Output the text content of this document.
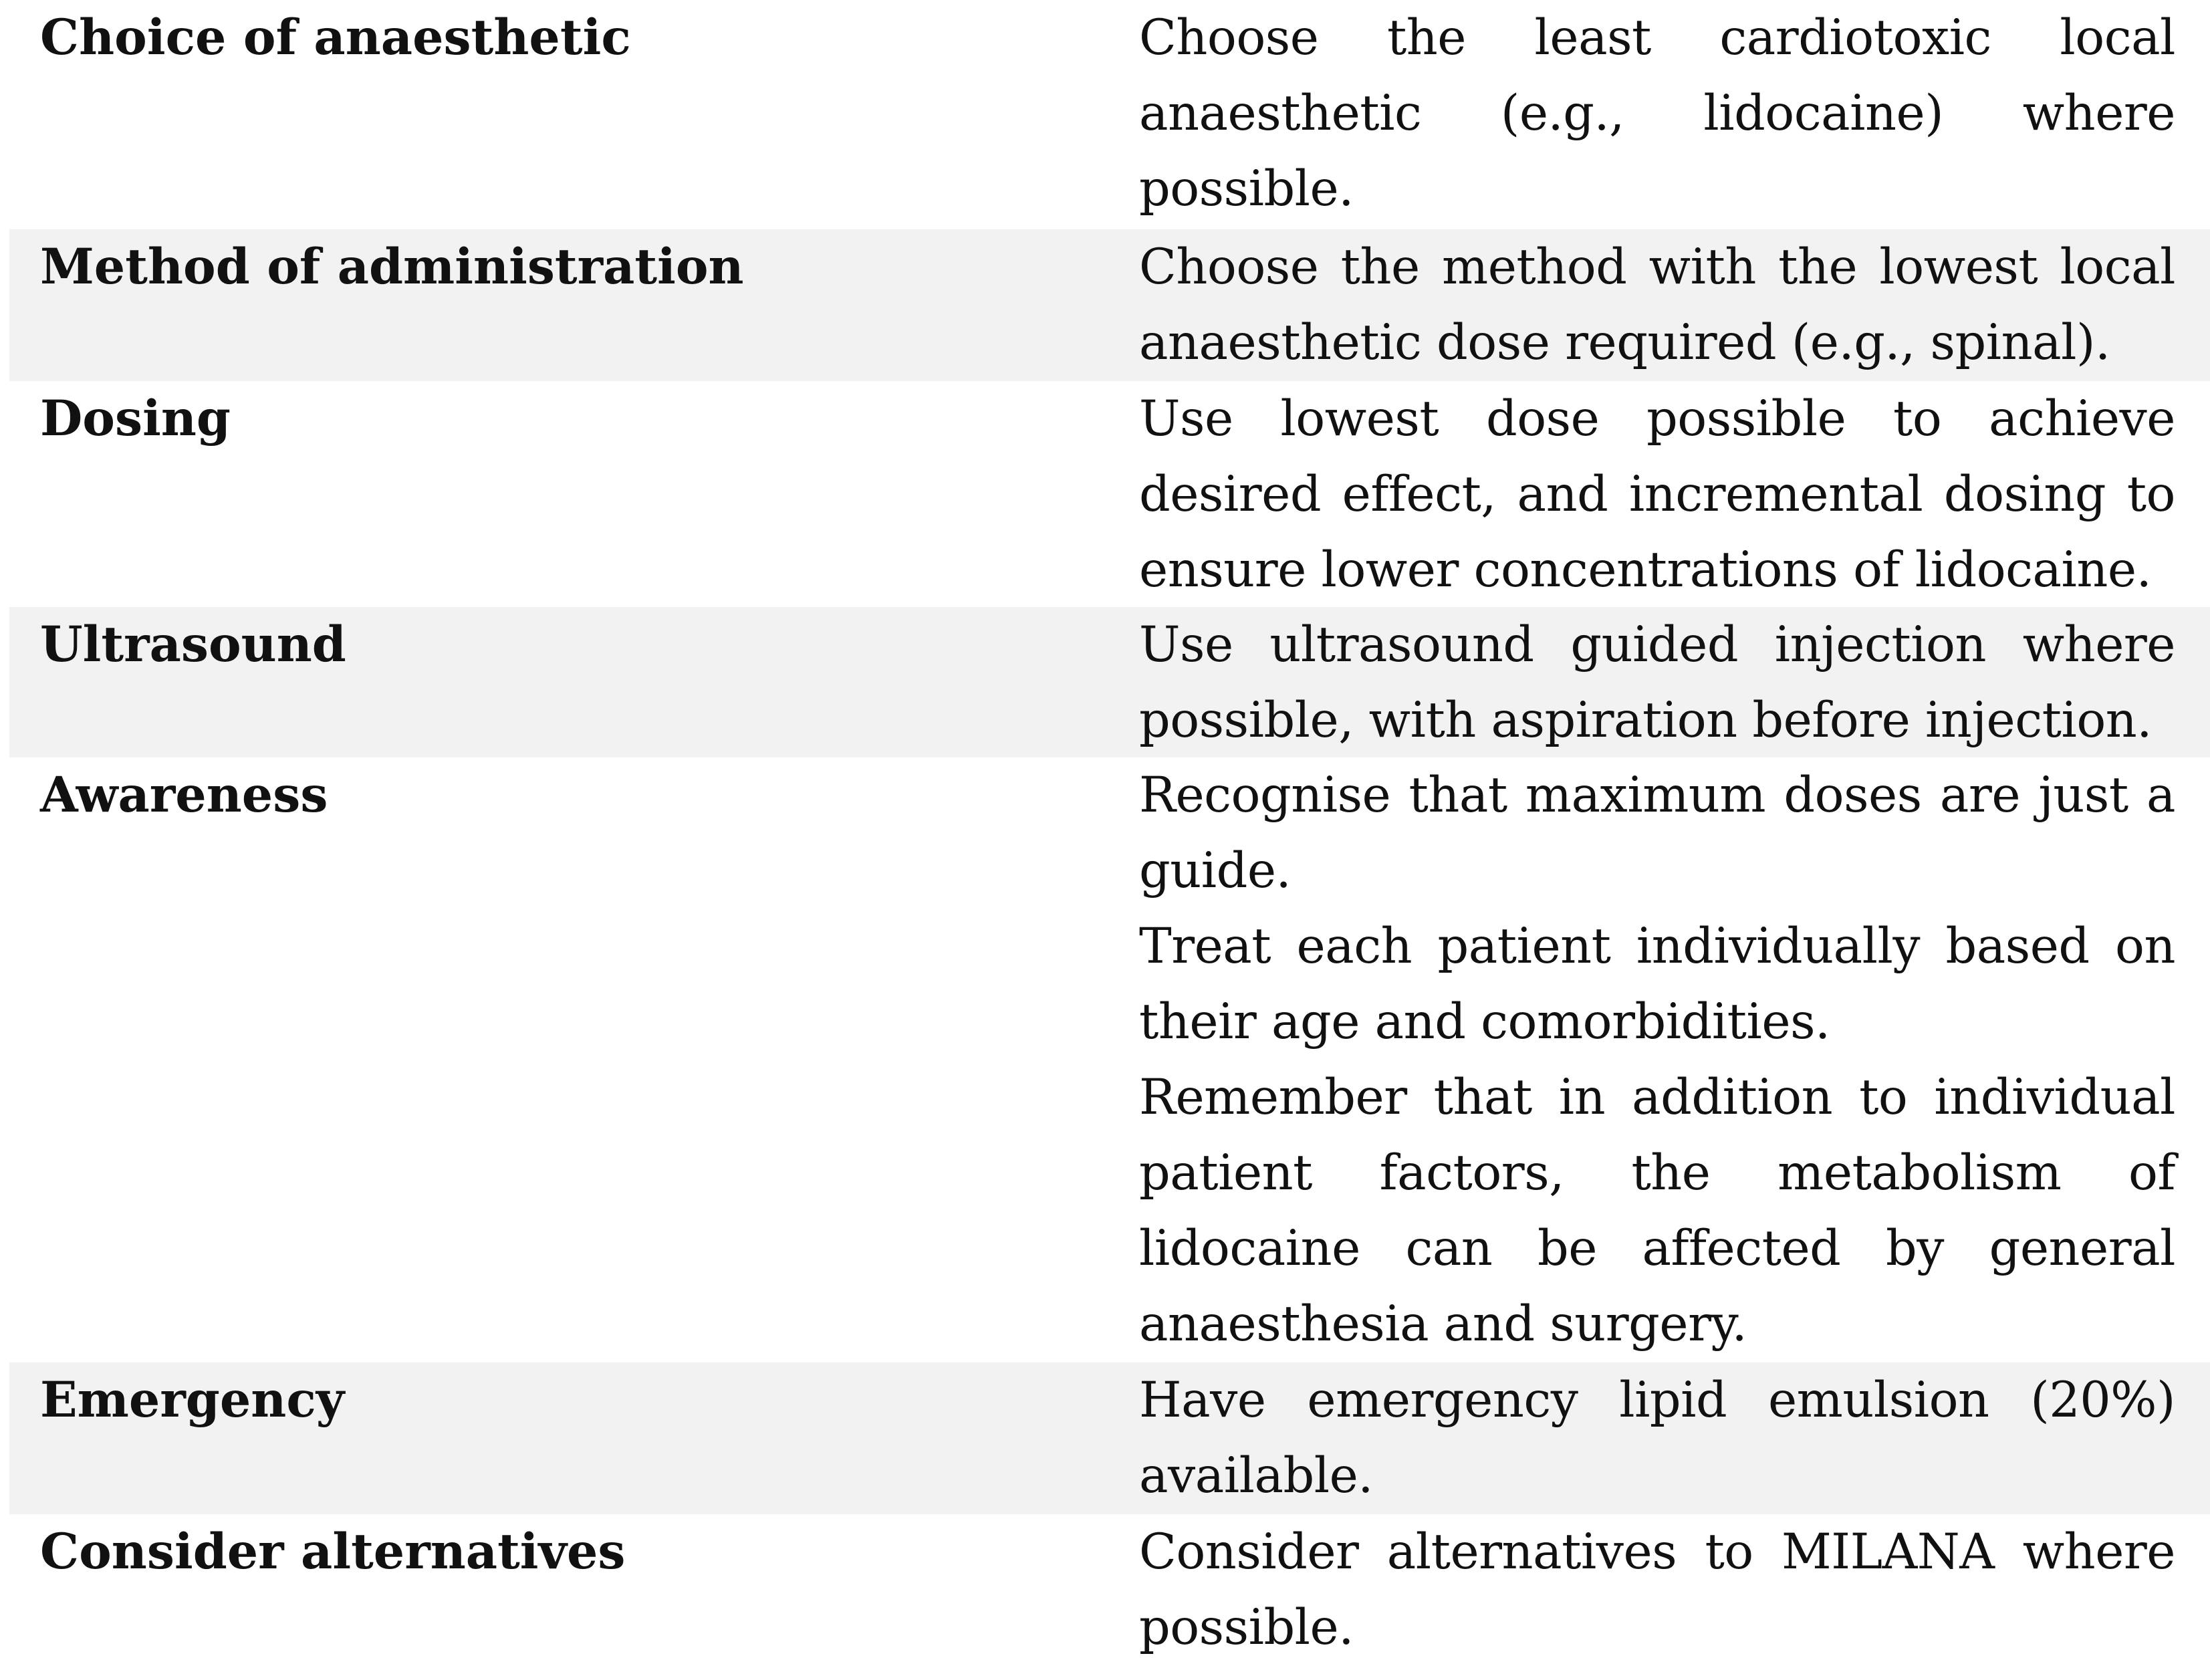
Choice of anaesthetic	Choose the least cardiotoxic local anaesthetic (e.g., lidocaine) where possible.
Method of administration	Choose the method with the lowest local anaesthetic dose required (e.g., spinal).
Dosing	Use lowest dose possible to achieve desired effect, and incremental dosing to ensure lower concentrations of lidocaine.
Ultrasound	Use ultrasound guided injection where possible, with aspiration before injection.
Awareness	Recognise that maximum doses are just a guide.
Treat each patient individually based on their age and comorbidities.
Remember that in addition to individual patient factors, the metabolism of lidocaine can be affected by general anaesthesia and surgery.
Emergency	Have emergency lipid emulsion (20%) available.
Consider alternatives	Consider alternatives to MILANA where possible.
